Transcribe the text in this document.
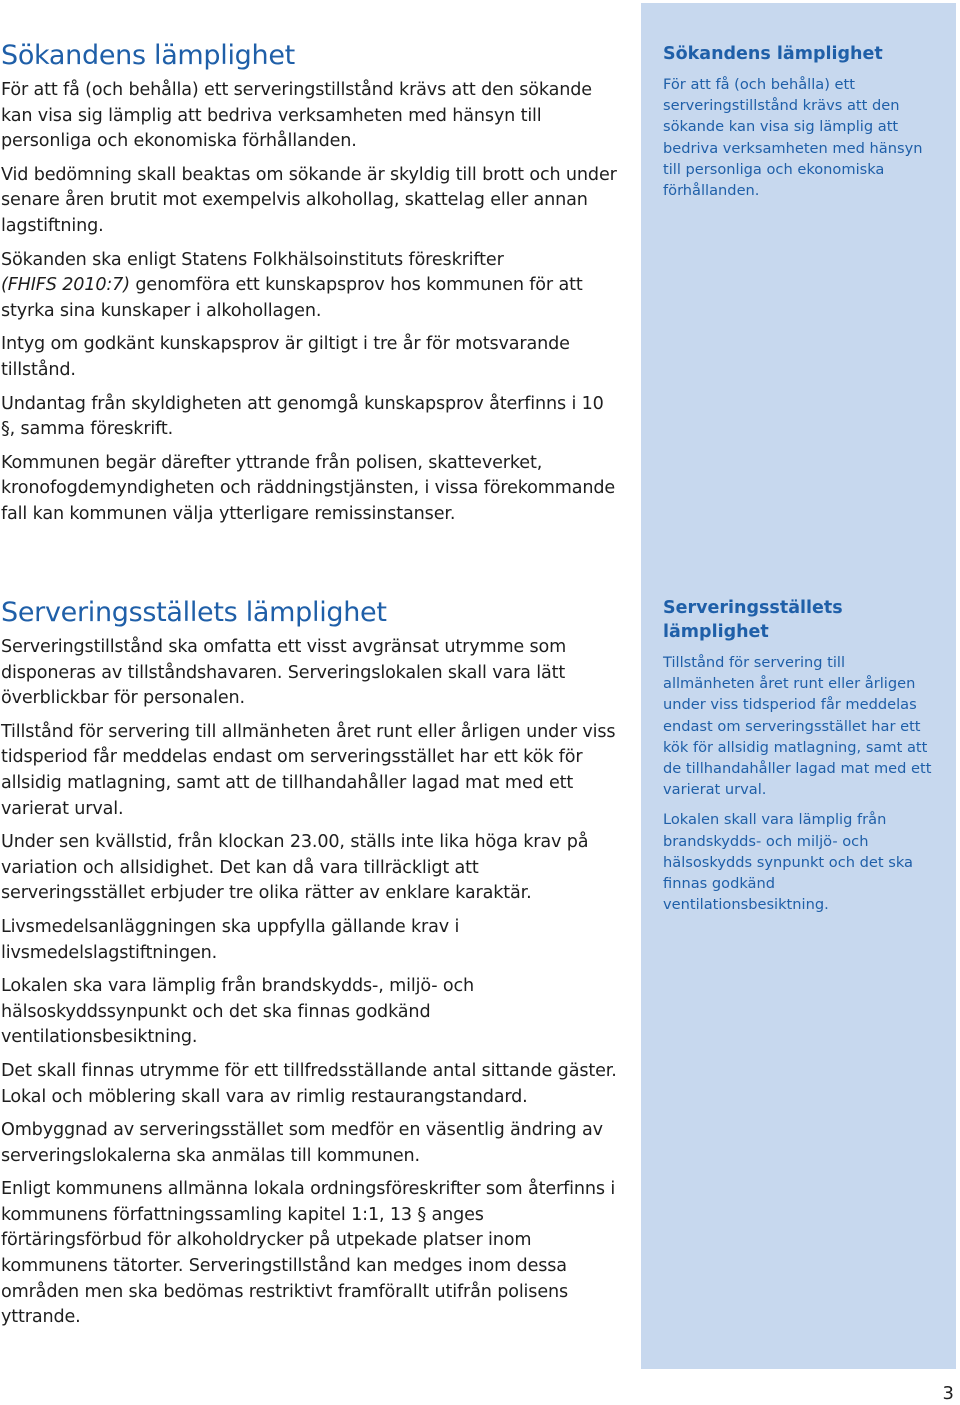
Sökandens lämplighet

För att få (och behålla) ett serveringstillstånd krävs att den sökande kan visa sig lämplig att bedriva verksamheten med hänsyn till personliga och ekonomiska förhållanden.

Vid bedömning skall beaktas om sökande är skyldig till brott och under senare åren brutit mot exempelvis alkohollag, skattelag eller annan lagstiftning.

Sökanden ska enligt Statens Folkhälsoinstituts föreskrifter
(FHIFS 2010:7) genomföra ett kunskapsprov hos kommunen för att styrka sina kunskaper i alkohollagen.

Intyg om godkänt kunskapsprov är giltigt i tre år för motsvarande tillstånd.

Undantag från skyldigheten att genomgå kunskapsprov återfinns i 10 §, samma föreskrift.

Kommunen begär därefter yttrande från polisen, skatteverket, kronofogdemyndigheten och räddningstjänsten, i vissa förekommande fall kan kommunen välja ytterligare remissinstanser.

Serveringsställets lämplighet

Serveringstillstånd ska omfatta ett visst avgränsat utrymme som disponeras av tillståndshavaren. Serveringslokalen skall vara lätt överblickbar för personalen.

Tillstånd för servering till allmänheten året runt eller årligen under viss tidsperiod får meddelas endast om serveringsstället har ett kök för allsidig matlagning, samt att de tillhandahåller lagad mat med ett varierat urval.

Under sen kvällstid, från klockan 23.00, ställs inte lika höga krav på variation och allsidighet. Det kan då vara tillräckligt att serveringsstället erbjuder tre olika rätter av enklare karaktär.

Livsmedelsanläggningen ska uppfylla gällande krav i livsmedelslagstiftningen.

Lokalen ska vara lämplig från brandskydds-, miljö- och hälsoskyddssynpunkt och det ska finnas godkänd ventilationsbesiktning.

Det skall finnas utrymme för ett tillfredsställande antal sittande gäster. Lokal och möblering skall vara av rimlig restaurangstandard.

Ombyggnad av serveringsstället som medför en väsentlig ändring av serveringslokalerna ska anmälas till kommunen.

Enligt kommunens allmänna lokala ordningsföreskrifter som återfinns i kommunens författningssamling kapitel 1:1, 13 § anges förtäringsförbud för alkoholdrycker på utpekade platser inom kommunens tätorter. Serveringstillstånd kan medges inom dessa områden men ska bedömas restriktivt framförallt utifrån polisens yttrande.

Sökandens lämplighet

För att få (och behålla) ett serveringstillstånd krävs att den sökande kan visa sig lämplig att bedriva verksamheten med hänsyn till personliga och ekonomiska förhållanden.

Serveringsställets lämplighet

Tillstånd för servering till allmänheten året runt eller årligen under viss tidsperiod får meddelas endast om serveringsstället har ett kök för allsidig matlagning, samt att de tillhandahåller lagad mat med ett varierat urval.

Lokalen skall vara lämplig från brandskydds- och miljö- och hälsoskydds synpunkt och det ska finnas godkänd ventilationsbesiktning.

3
